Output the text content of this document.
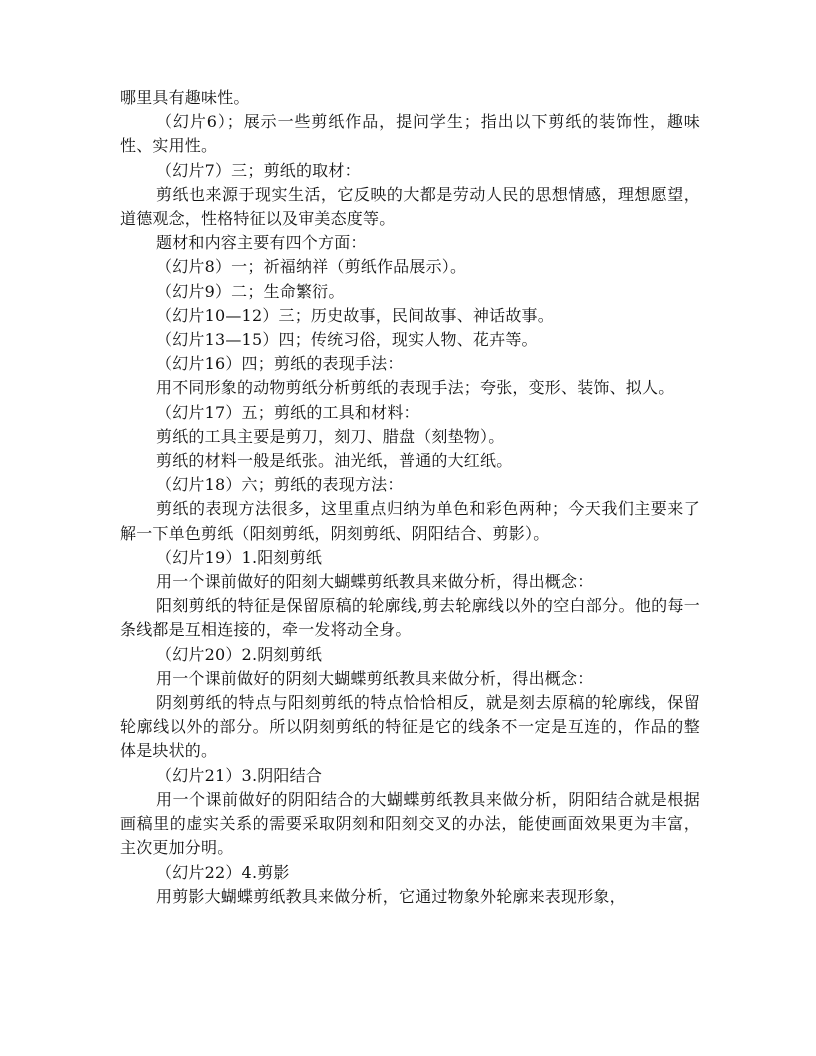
哪里具有趣味性。

（幻片6）；展示一些剪纸作品，提问学生；指出以下剪纸的装饰性，趣味性、实用性。

（幻片7）三；剪纸的取材：

剪纸也来源于现实生活，它反映的大都是劳动人民的思想情感，理想愿望，道德观念，性格特征以及审美态度等。

题材和内容主要有四个方面：

（幻片8）一；祈福纳祥（剪纸作品展示）。

（幻片9）二；生命繁衍。

（幻片10—12）三；历史故事，民间故事、神话故事。

（幻片13—15）四；传统习俗，现实人物、花卉等。

（幻片16）四；剪纸的表现手法：

用不同形象的动物剪纸分析剪纸的表现手法；夸张，变形、装饰、拟人。

（幻片17）五；剪纸的工具和材料：

剪纸的工具主要是剪刀，刻刀、腊盘（刻垫物）。

剪纸的材料一般是纸张。油光纸，普通的大红纸。

（幻片18）六；剪纸的表现方法：

剪纸的表现方法很多，这里重点归纳为单色和彩色两种；今天我们主要来了解一下单色剪纸（阳刻剪纸，阴刻剪纸、阴阳结合、剪影）。

（幻片19）1.阳刻剪纸

用一个课前做好的阳刻大蝴蝶剪纸教具来做分析，得出概念：

阳刻剪纸的特征是保留原稿的轮廓线,剪去轮廓线以外的空白部分。他的每一条线都是互相连接的，牵一发将动全身。

（幻片20）2.阴刻剪纸

用一个课前做好的阴刻大蝴蝶剪纸教具来做分析，得出概念：

阴刻剪纸的特点与阳刻剪纸的特点恰恰相反，就是刻去原稿的轮廓线，保留轮廓线以外的部分。所以阴刻剪纸的特征是它的线条不一定是互连的，作品的整体是块状的。

（幻片21）3.阴阳结合

用一个课前做好的阴阳结合的大蝴蝶剪纸教具来做分析，阴阳结合就是根据画稿里的虚实关系的需要采取阴刻和阳刻交叉的办法，能使画面效果更为丰富，主次更加分明。

（幻片22）4.剪影

用剪影大蝴蝶剪纸教具来做分析，它通过物象外轮廓来表现形象，
